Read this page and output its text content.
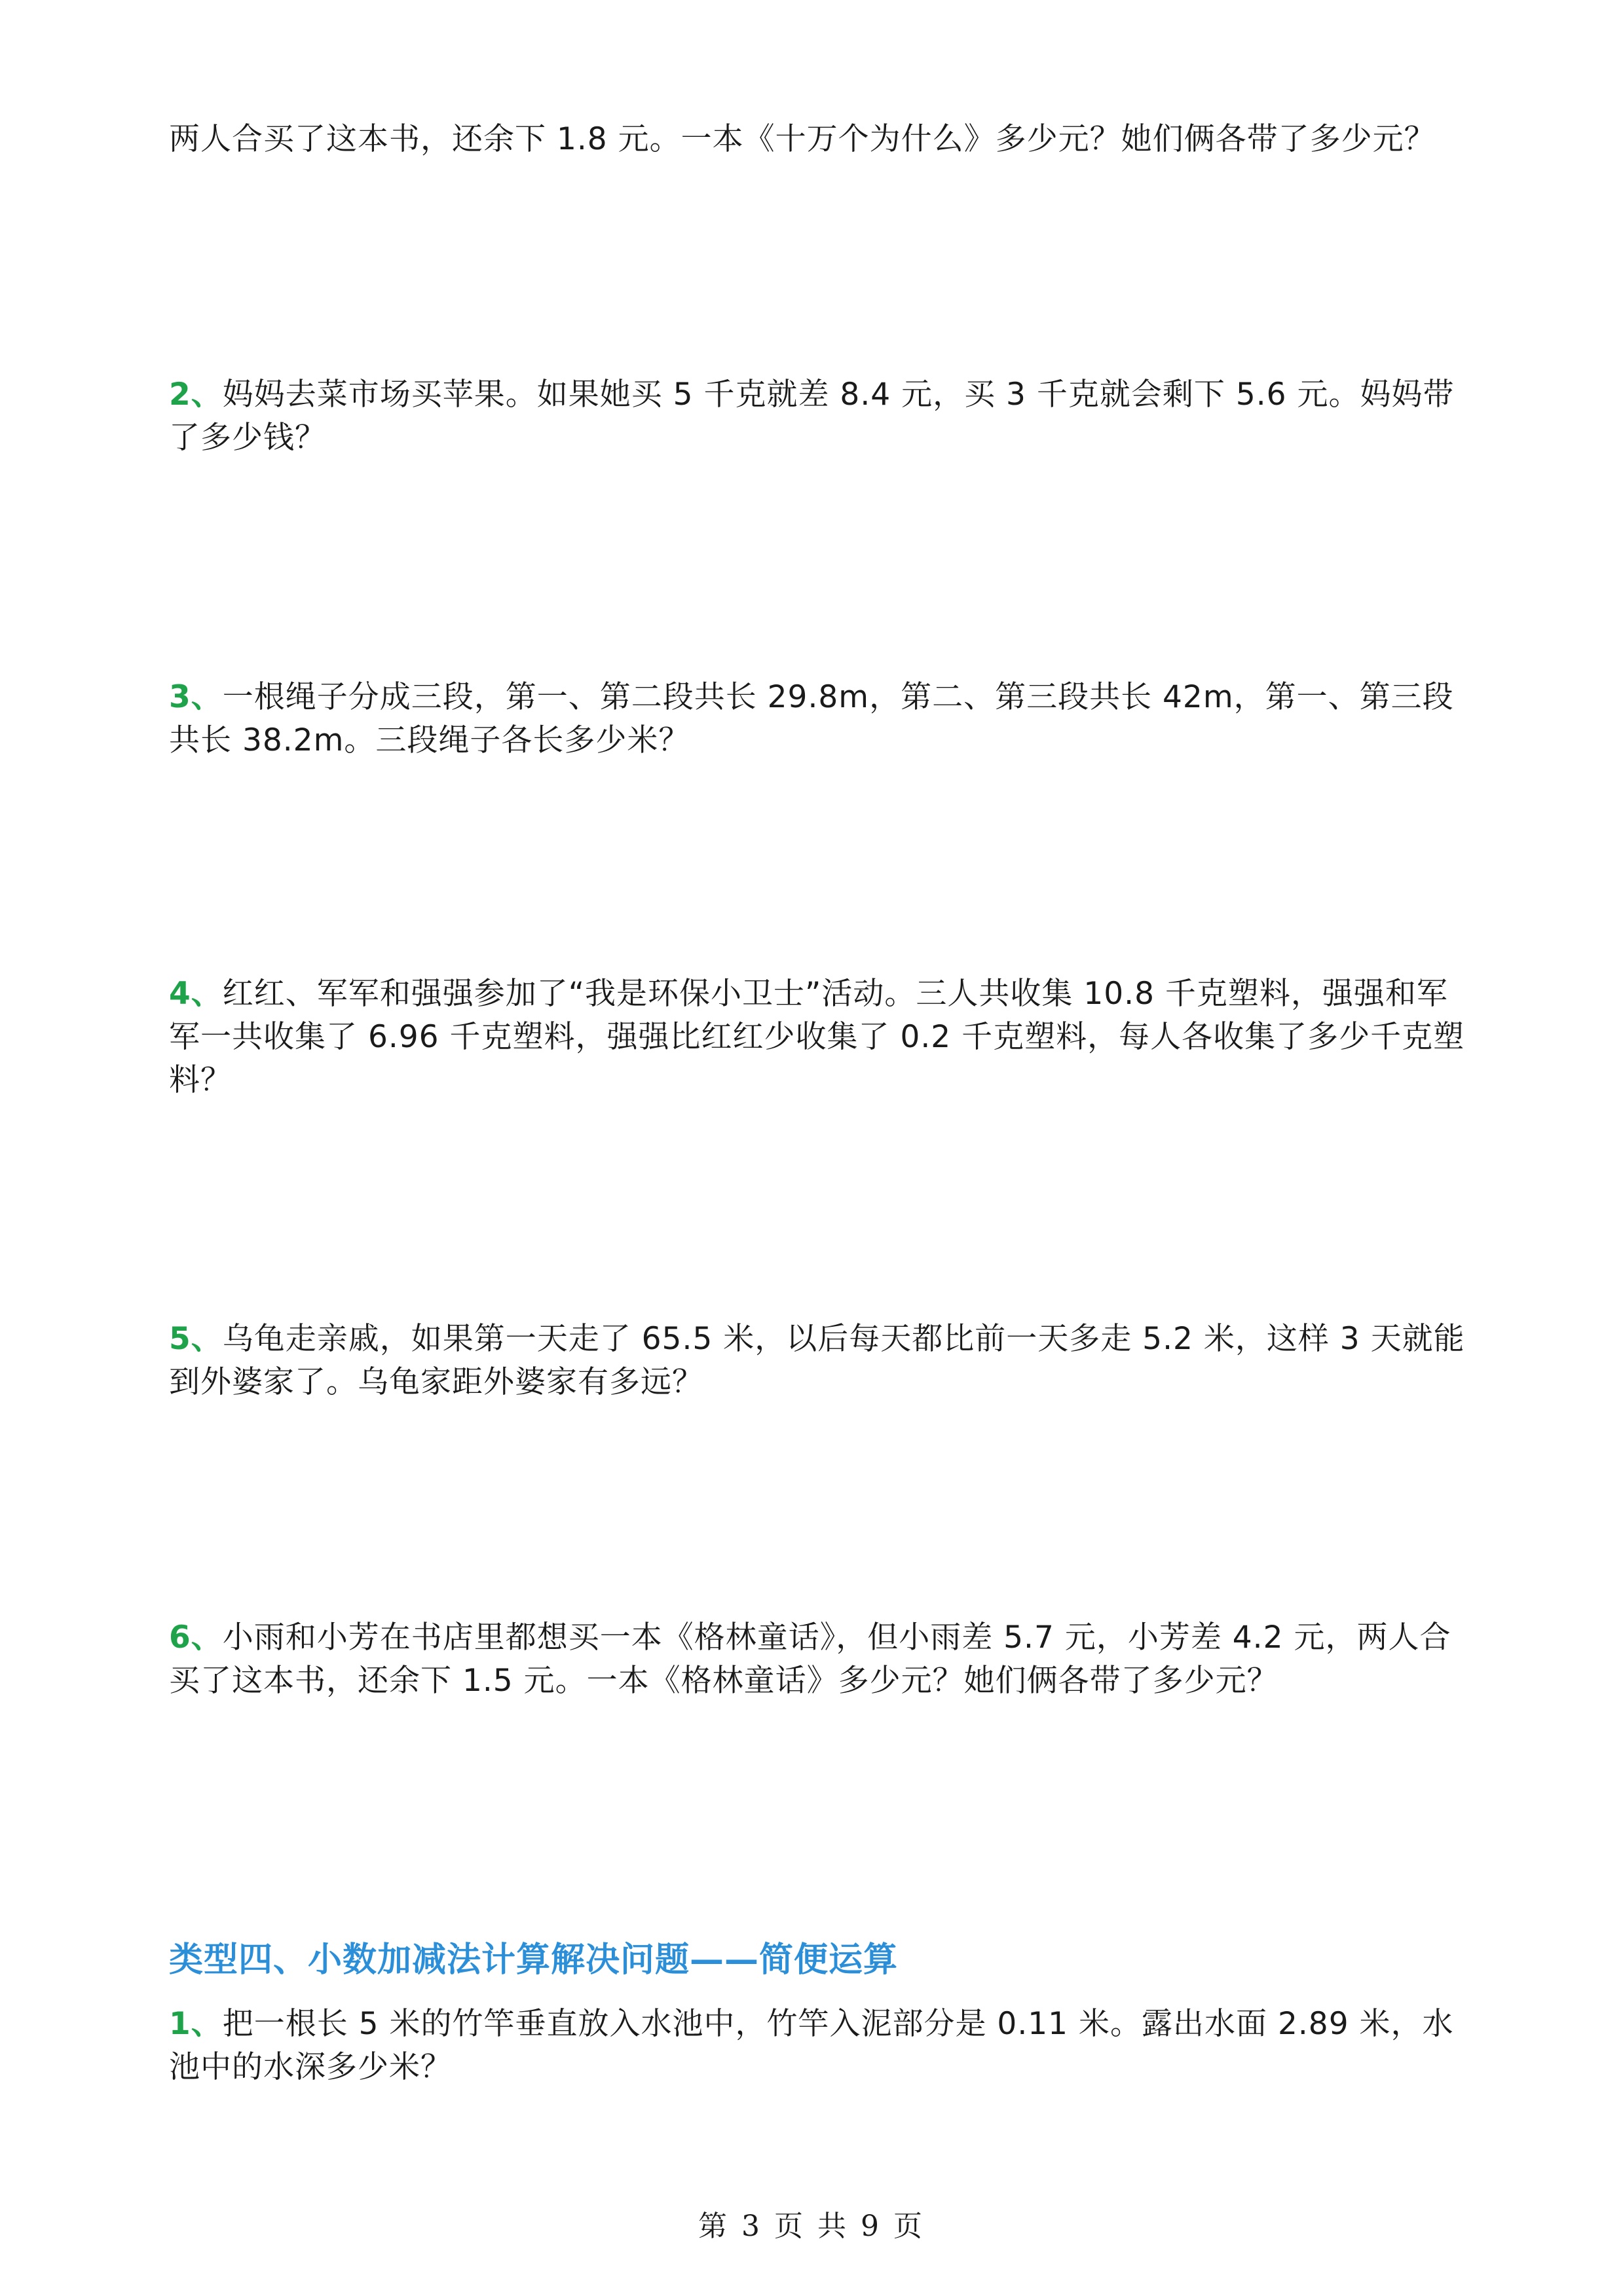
两人合买了这本书，还余下 1.8 元。一本《十万个为什么》多少元？她们俩各带了多少元？
2、妈妈去菜市场买苹果。如果她买 5 千克就差 8.4 元，买 3 千克就会剩下 5.6 元。妈妈带了多少钱？
3、一根绳子分成三段，第一、第二段共长 29.8m，第二、第三段共长 42m，第一、第三段共长 38.2m。三段绳子各长多少米？
4、红红、军军和强强参加了“我是环保小卫士”活动。三人共收集 10.8 千克塑料，强强和军军一共收集了 6.96 千克塑料，强强比红红少收集了 0.2 千克塑料，每人各收集了多少千克塑料？
5、乌龟走亲戚，如果第一天走了 65.5 米，以后每天都比前一天多走 5.2 米，这样 3 天就能到外婆家了。乌龟家距外婆家有多远？
6、小雨和小芳在书店里都想买一本《格林童话》，但小雨差 5.7 元，小芳差 4.2 元，两人合买了这本书，还余下 1.5 元。一本《格林童话》多少元？她们俩各带了多少元？
类型四、小数加减法计算解决问题——简便运算
1、把一根长 5 米的竹竿垂直放入水池中，竹竿入泥部分是 0.11 米。露出水面 2.89 米，水池中的水深多少米？
第 3 页 共 9 页
